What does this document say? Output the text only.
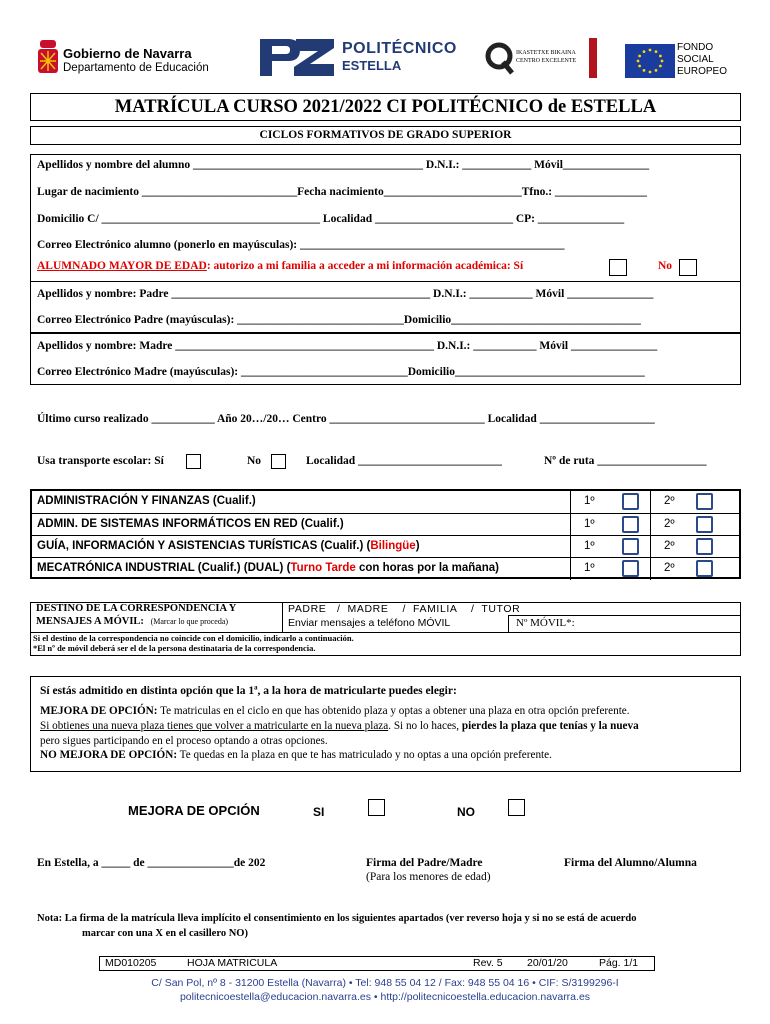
Gobierno de Navarra
Departamento de Educación
POLITÉCNICO
ESTELLA
IKASTETXE BIKAINA
CENTRO EXCELENTE
FONDO
SOCIAL
EUROPEO
MATRÍCULA CURSO 2021/2022 CI POLITÉCNICO de ESTELLA
CICLOS FORMATIVOS DE GRADO SUPERIOR
Apellidos y nombre del alumno ________________________________________ D.N.I.: ____________ Móvil_______________
Lugar de nacimiento ___________________________Fecha nacimiento________________________Tfno.: ________________
Domicilio C/ ______________________________________ Localidad ________________________ CP: _______________
Correo Electrónico alumno (ponerlo en mayúsculas): ______________________________________________
ALUMNADO MAYOR DE EDAD: autorizo a mi familia a acceder a mi información académica: Sí	No
Apellidos y nombre: Padre _____________________________________________ D.N.I.: ___________ Móvil _______________
Correo Electrónico Padre (mayúsculas): _____________________________Domicilio_________________________________
Apellidos y nombre: Madre _____________________________________________ D.N.I.: ___________ Móvil _______________
Correo Electrónico Madre (mayúsculas): _____________________________Domicilio_________________________________
Último curso realizado ___________ Año 20…/20… Centro ___________________________ Localidad ____________________
Usa transporte escolar: Sí	No	Localidad _________________________	Nº de ruta ___________________
ADMINISTRACIÓN Y FINANZAS (Cualif.)	1º	2º
ADMIN. DE SISTEMAS INFORMÁTICOS EN RED (Cualif.)	1º	2º
GUÍA, INFORMACIÓN Y ASISTENCIAS TURÍSTICAS (Cualif.) (Bilingüe)	1º	2º
MECATRÓNICA INDUSTRIAL (Cualif.) (DUAL) (Turno Tarde con horas por la mañana)	1º	2º
DESTINO DE LA CORRESPONDENCIA Y
MENSAJES A MÓVIL: (Marcar lo que proceda)
PADRE   /  MADRE    /  FAMILIA    /  TUTOR
Enviar mensajes a teléfono MÓVIL	Nº MÓVIL*:
Si el destino de la correspondencia no coincide con el domicilio, indicarlo a continuación.
*El nº de móvil deberá ser el de la persona destinataria de la correspondencia.
Sí estás admitido en distinta opción que la 1ª, a la hora de matricularte puedes elegir:
MEJORA DE OPCIÓN: Te matriculas en el ciclo en que has obtenido plaza y optas a obtener una plaza en otra opción preferente.
Si obtienes una nueva plaza tienes que volver a matricularte en la nueva plaza. Si no lo haces, pierdes la plaza que tenías y la nueva
pero sigues participando en el proceso optando a otras opciones.
NO MEJORA DE OPCIÓN: Te quedas en la plaza en que te has matriculado y no optas a una opción preferente.
MEJORA DE OPCIÓN	SI	NO
En Estella, a _____ de _______________de 202	Firma del Padre/Madre
(Para los menores de edad)
Firma del Alumno/Alumna
Nota: La firma de la matrícula lleva implícito el consentimiento en los siguientes apartados (ver reverso hoja y si no se está de acuerdo
marcar con una X en el casillero NO)
MD010205	HOJA MATRICULA	Rev. 5 20/01/20	Pág. 1/1
C/ San Pol, nº 8 - 31200 Estella (Navarra) • Tel: 948 55 04 12 / Fax: 948 55 04 16 • CIF: S/3199296-I
politecnicoestella@educacion.navarra.es • http://politecnicoestella.educacion.navarra.es
